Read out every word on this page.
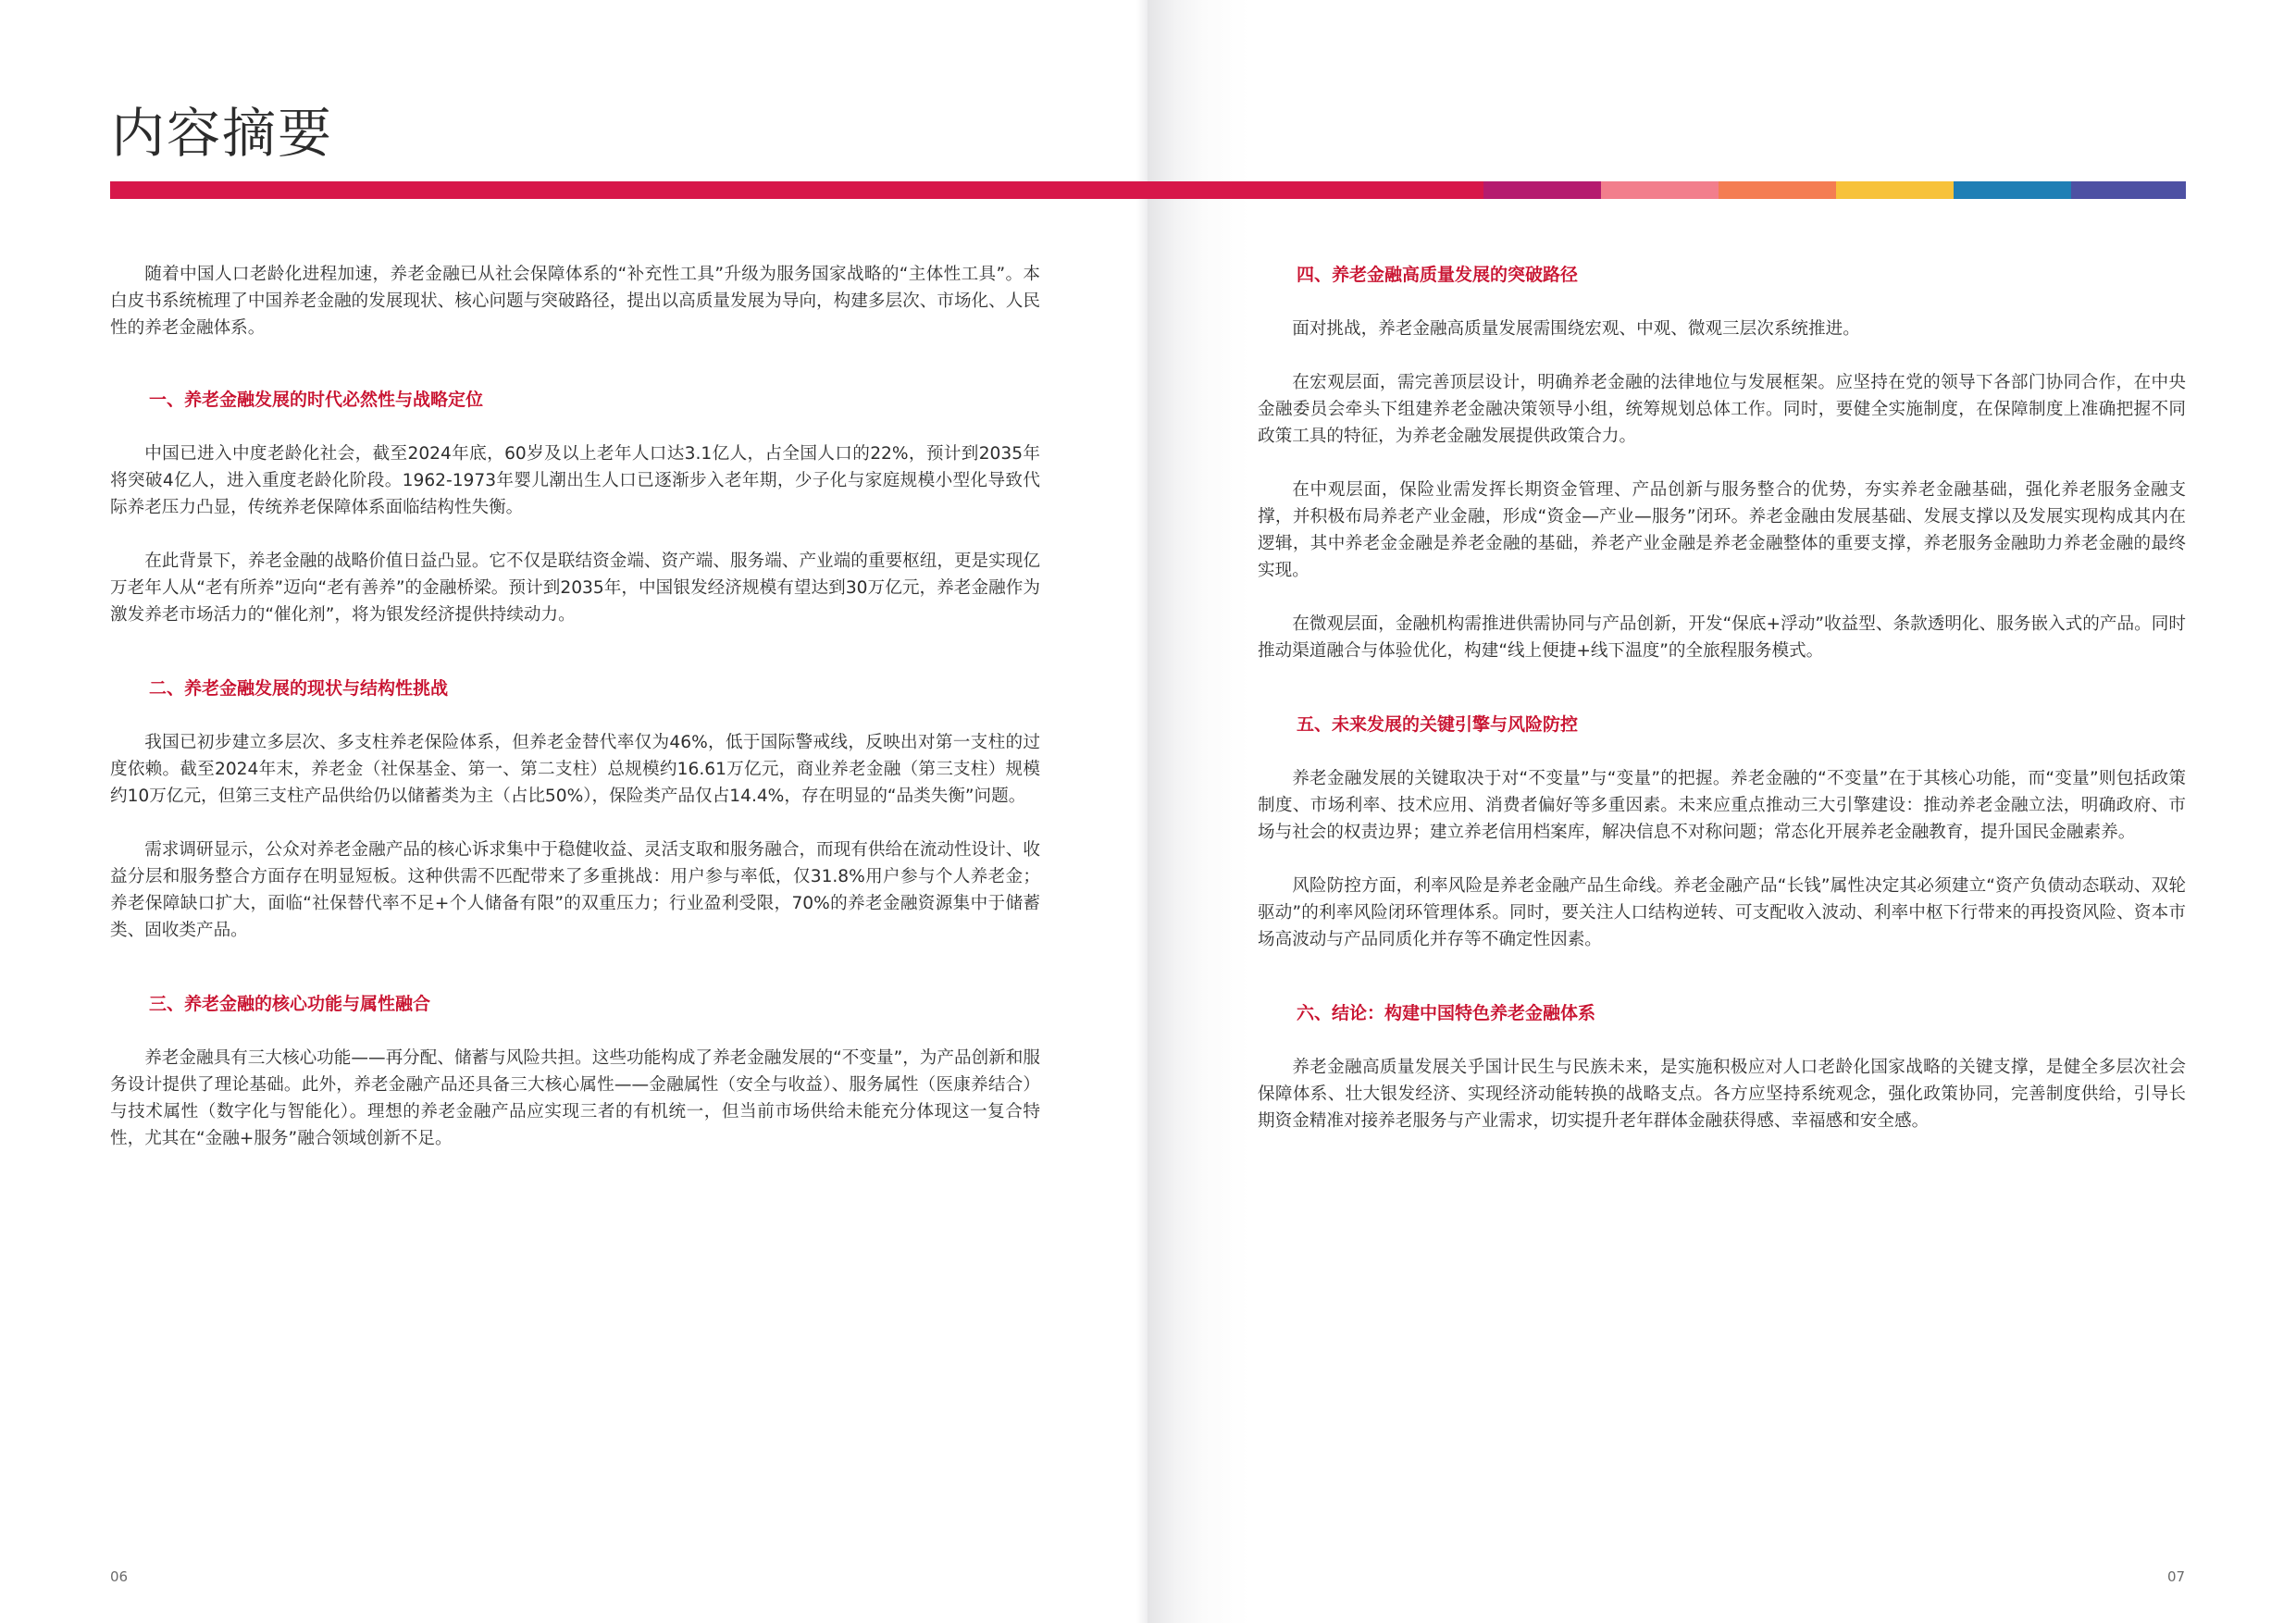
内容摘要

随着中国人口老龄化进程加速，养老金融已从社会保障体系的“补充性工具”升级为服务国家战略的“主体性工具”。本白皮书系统梳理了中国养老金融的发展现状、核心问题与突破路径，提出以高质量发展为导向，构建多层次、市场化、人民性的养老金融体系。

一、养老金融发展的时代必然性与战略定位

中国已进入中度老龄化社会，截至2024年底，60岁及以上老年人口达3.1亿人，占全国人口的22%，预计到2035年将突破4亿人，进入重度老龄化阶段。1962-1973年婴儿潮出生人口已逐渐步入老年期，少子化与家庭规模小型化导致代际养老压力凸显，传统养老保障体系面临结构性失衡。

在此背景下，养老金融的战略价值日益凸显。它不仅是联结资金端、资产端、服务端、产业端的重要枢纽，更是实现亿万老年人从“老有所养”迈向“老有善养”的金融桥梁。预计到2035年，中国银发经济规模有望达到30万亿元，养老金融作为激发养老市场活力的“催化剂”，将为银发经济提供持续动力。

二、养老金融发展的现状与结构性挑战

我国已初步建立多层次、多支柱养老保险体系，但养老金替代率仅为46%，低于国际警戒线，反映出对第一支柱的过度依赖。截至2024年末，养老金（社保基金、第一、第二支柱）总规模约16.61万亿元，商业养老金融（第三支柱）规模约10万亿元，但第三支柱产品供给仍以储蓄类为主（占比50%），保险类产品仅占14.4%，存在明显的“品类失衡”问题。

需求调研显示，公众对养老金融产品的核心诉求集中于稳健收益、灵活支取和服务融合，而现有供给在流动性设计、收益分层和服务整合方面存在明显短板。这种供需不匹配带来了多重挑战：用户参与率低，仅31.8%用户参与个人养老金；养老保障缺口扩大，面临“社保替代率不足+个人储备有限”的双重压力；行业盈利受限，70%的养老金融资源集中于储蓄类、固收类产品。

三、养老金融的核心功能与属性融合

养老金融具有三大核心功能——再分配、储蓄与风险共担。这些功能构成了养老金融发展的“不变量”，为产品创新和服务设计提供了理论基础。此外，养老金融产品还具备三大核心属性——金融属性（安全与收益）、服务属性（医康养结合）与技术属性（数字化与智能化）。理想的养老金融产品应实现三者的有机统一，但当前市场供给未能充分体现这一复合特性，尤其在“金融+服务”融合领域创新不足。

06	07
四、养老金融高质量发展的突破路径

面对挑战，养老金融高质量发展需围绕宏观、中观、微观三层次系统推进。

在宏观层面，需完善顶层设计，明确养老金融的法律地位与发展框架。应坚持在党的领导下各部门协同合作，在中央金融委员会牵头下组建养老金融决策领导小组，统筹规划总体工作。同时，要健全实施制度，在保障制度上准确把握不同政策工具的特征，为养老金融发展提供政策合力。

在中观层面，保险业需发挥长期资金管理、产品创新与服务整合的优势，夯实养老金融基础，强化养老服务金融支撑，并积极布局养老产业金融，形成“资金—产业—服务”闭环。养老金融由发展基础、发展支撑以及发展实现构成其内在逻辑，其中养老金金融是养老金融的基础，养老产业金融是养老金融整体的重要支撑，养老服务金融助力养老金融的最终实现。

在微观层面，金融机构需推进供需协同与产品创新，开发“保底+浮动”收益型、条款透明化、服务嵌入式的产品。同时推动渠道融合与体验优化，构建“线上便捷+线下温度”的全旅程服务模式。

五、未来发展的关键引擎与风险防控

养老金融发展的关键取决于对“不变量”与“变量”的把握。养老金融的“不变量”在于其核心功能，而“变量”则包括政策制度、市场利率、技术应用、消费者偏好等多重因素。未来应重点推动三大引擎建设：推动养老金融立法，明确政府、市场与社会的权责边界；建立养老信用档案库，解决信息不对称问题；常态化开展养老金融教育，提升国民金融素养。

风险防控方面，利率风险是养老金融产品生命线。养老金融产品“长钱”属性决定其必须建立“资产负债动态联动、双轮驱动”的利率风险闭环管理体系。同时，要关注人口结构逆转、可支配收入波动、利率中枢下行带来的再投资风险、资本市场高波动与产品同质化并存等不确定性因素。

六、结论：构建中国特色养老金融体系

养老金融高质量发展关乎国计民生与民族未来，是实施积极应对人口老龄化国家战略的关键支撑，是健全多层次社会保障体系、壮大银发经济、实现经济动能转换的战略支点。各方应坚持系统观念，强化政策协同，完善制度供给，引导长期资金精准对接养老服务与产业需求，切实提升老年群体金融获得感、幸福感和安全感。
